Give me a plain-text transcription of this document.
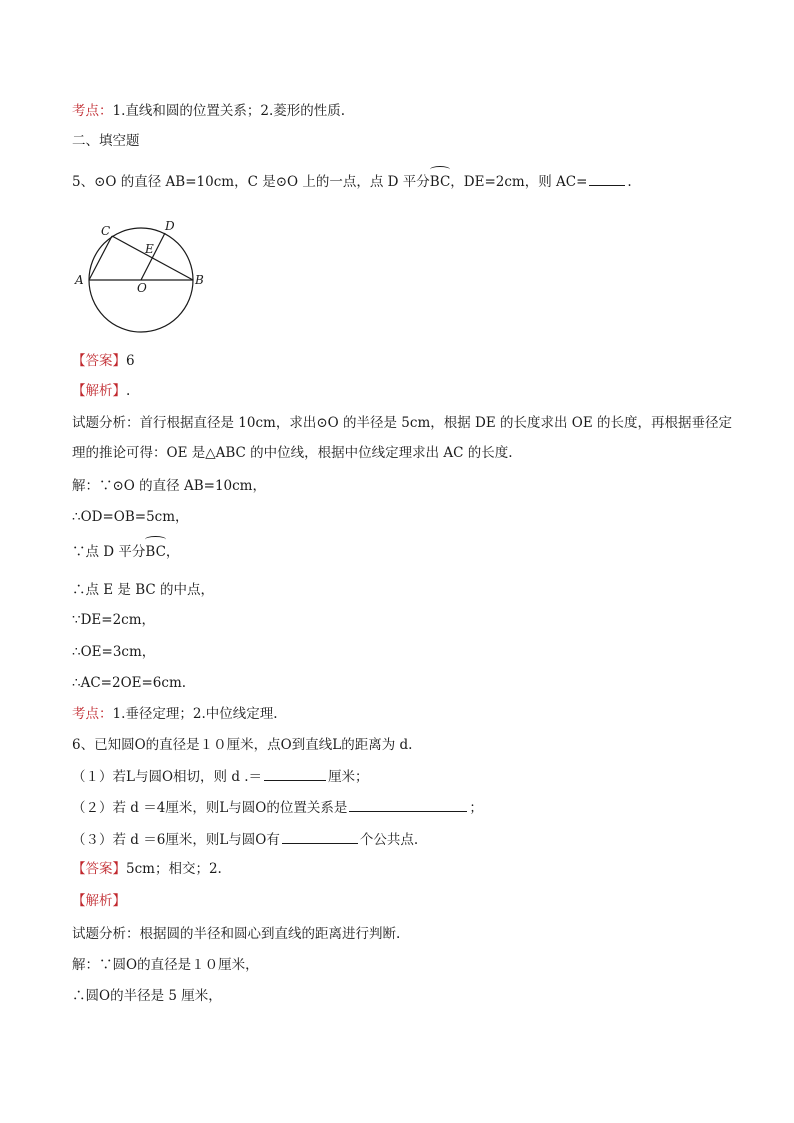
考点：1.直线和圆的位置关系；2.菱形的性质.
二、填空题
5、⊙O 的直径 AB=10cm，C 是⊙O 上的一点，点 D 平分
BC，DE=2cm，则 AC=	.
A	B
C	D
E
O
【答案】6
【解析】.
试题分析：首行根据直径是 10cm，求出⊙O 的半径是 5cm，根据 DE 的长度求出 OE 的长度，再根据垂径定
理的推论可得：OE 是△ABC 的中位线，根据中位线定理求出 AC 的长度.
解：∵⊙O 的直径 AB=10cm，
∴OD=OB=5cm，
∵点 D 平分
BC，
∴点 E 是 BC 的中点，
∵DE=2cm，
∴OE=3cm，
∴AC=2OE=6cm.
考点：1.垂径定理；2.中位线定理.
6、已知圆O的直径是１０厘米，点O到直线L的距离为 d.
（１）若L与圆O相切，则 d .＝	厘米；
（２）若 d ＝4厘米，则L与圆O的位置关系是	；
（３）若 d ＝6厘米，则L与圆O有	个公共点.
【答案】5cm；相交；2.
【解析】
试题分析：根据圆的半径和圆心到直线的距离进行判断.
解：∵圆O的直径是１０厘米，
∴圆O的半径是 5 厘米，
